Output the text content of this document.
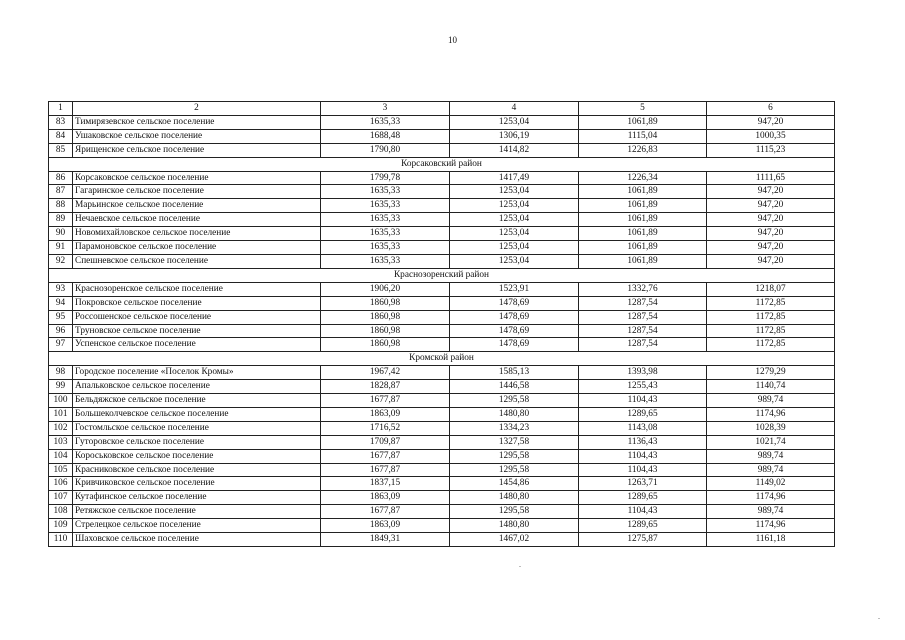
10
1	2	3	4	5	6
83	Тимирязевское сельское поселение	1635,33	1253,04	1061,89	947,20
84	Ушаковское сельское поселение	1688,48	1306,19	1115,04	1000,35
85	Ярищенское сельское поселение	1790,80	1414,82	1226,83	1115,23
Корсаковский район					
86	Корсаковское сельское поселение	1799,78	1417,49	1226,34	1111,65
87	Гагаринское сельское поселение	1635,33	1253,04	1061,89	947,20
88	Марьинское сельское поселение	1635,33	1253,04	1061,89	947,20
89	Нечаевское сельское поселение	1635,33	1253,04	1061,89	947,20
90	Новомихайловское сельское поселение	1635,33	1253,04	1061,89	947,20
91	Парамоновское сельское поселение	1635,33	1253,04	1061,89	947,20
92	Спешневское сельское поселение	1635,33	1253,04	1061,89	947,20
Краснозоренский район					
93	Краснозоренское сельское поселение	1906,20	1523,91	1332,76	1218,07
94	Покровское сельское поселение	1860,98	1478,69	1287,54	1172,85
95	Россошенское сельское поселение	1860,98	1478,69	1287,54	1172,85
96	Труновское сельское поселение	1860,98	1478,69	1287,54	1172,85
97	Успенское сельское поселение	1860,98	1478,69	1287,54	1172,85
Кромской район					
98	Городское поселение «Поселок Кромы»	1967,42	1585,13	1393,98	1279,29
99	Апальковское сельское поселение	1828,87	1446,58	1255,43	1140,74
100	Бельдяжское сельское поселение	1677,87	1295,58	1104,43	989,74
101	Большеколчевское сельское поселение	1863,09	1480,80	1289,65	1174,96
102	Гостомльское сельское поселение	1716,52	1334,23	1143,08	1028,39
103	Гуторовское сельское поселение	1709,87	1327,58	1136,43	1021,74
104	Короськовское сельское поселение	1677,87	1295,58	1104,43	989,74
105	Красниковское сельское поселение	1677,87	1295,58	1104,43	989,74
106	Кривчиковское сельское поселение	1837,15	1454,86	1263,71	1149,02
107	Кутафинское сельское поселение	1863,09	1480,80	1289,65	1174,96
108	Ретяжское сельское поселение	1677,87	1295,58	1104,43	989,74
109	Стрелецкое сельское поселение	1863,09	1480,80	1289,65	1174,96
110	Шаховское сельское поселение	1849,31	1467,02	1275,87	1161,18
.
.
